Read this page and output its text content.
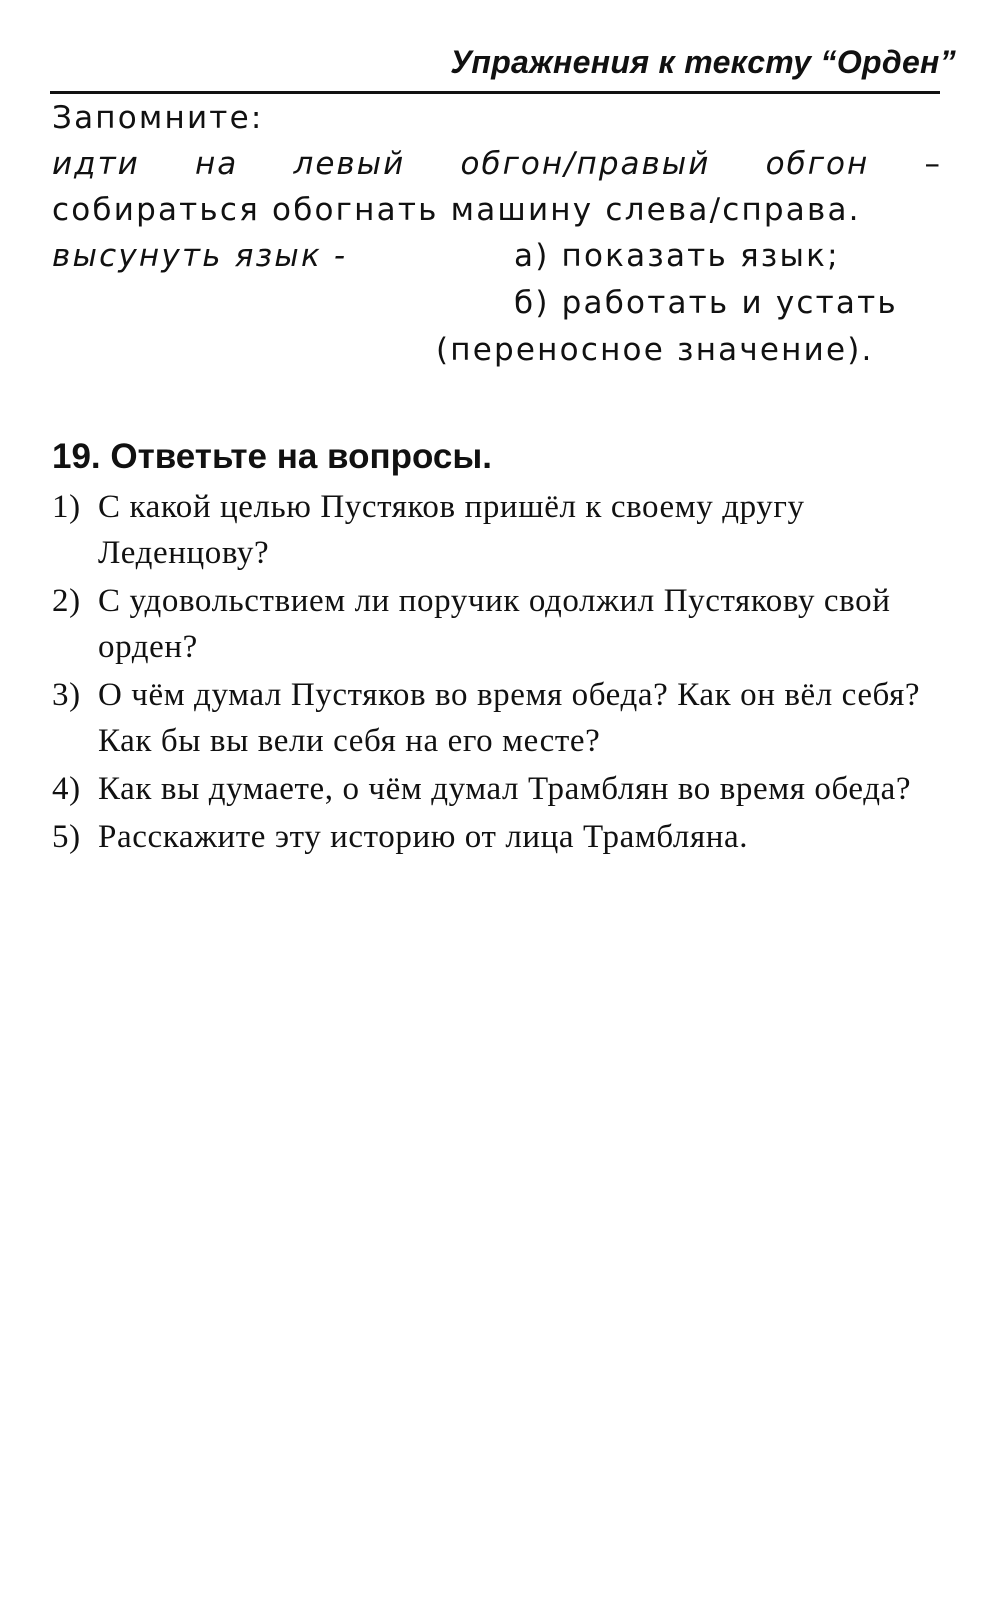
Упражнения к тексту “Орден”
Запомните:
идти на левый обгон/правый обгон –
собираться обогнать машину слева/справа.
высунуть язык -	а) показать язык;
б) работать и устать
(переносное значение).
19. Ответьте на вопросы.
1) С какой целью Пустяков пришёл к своему другу Леденцову?
2) С удовольствием ли поручик одолжил Пустякову свой орден?
3) О чём думал Пустяков во время обеда? Как он вёл себя? Как бы вы вели себя на его месте?
4) Как вы думаете, о чём думал Трамблян во время обеда?
5) Расскажите эту историю от лица Трамбляна.
